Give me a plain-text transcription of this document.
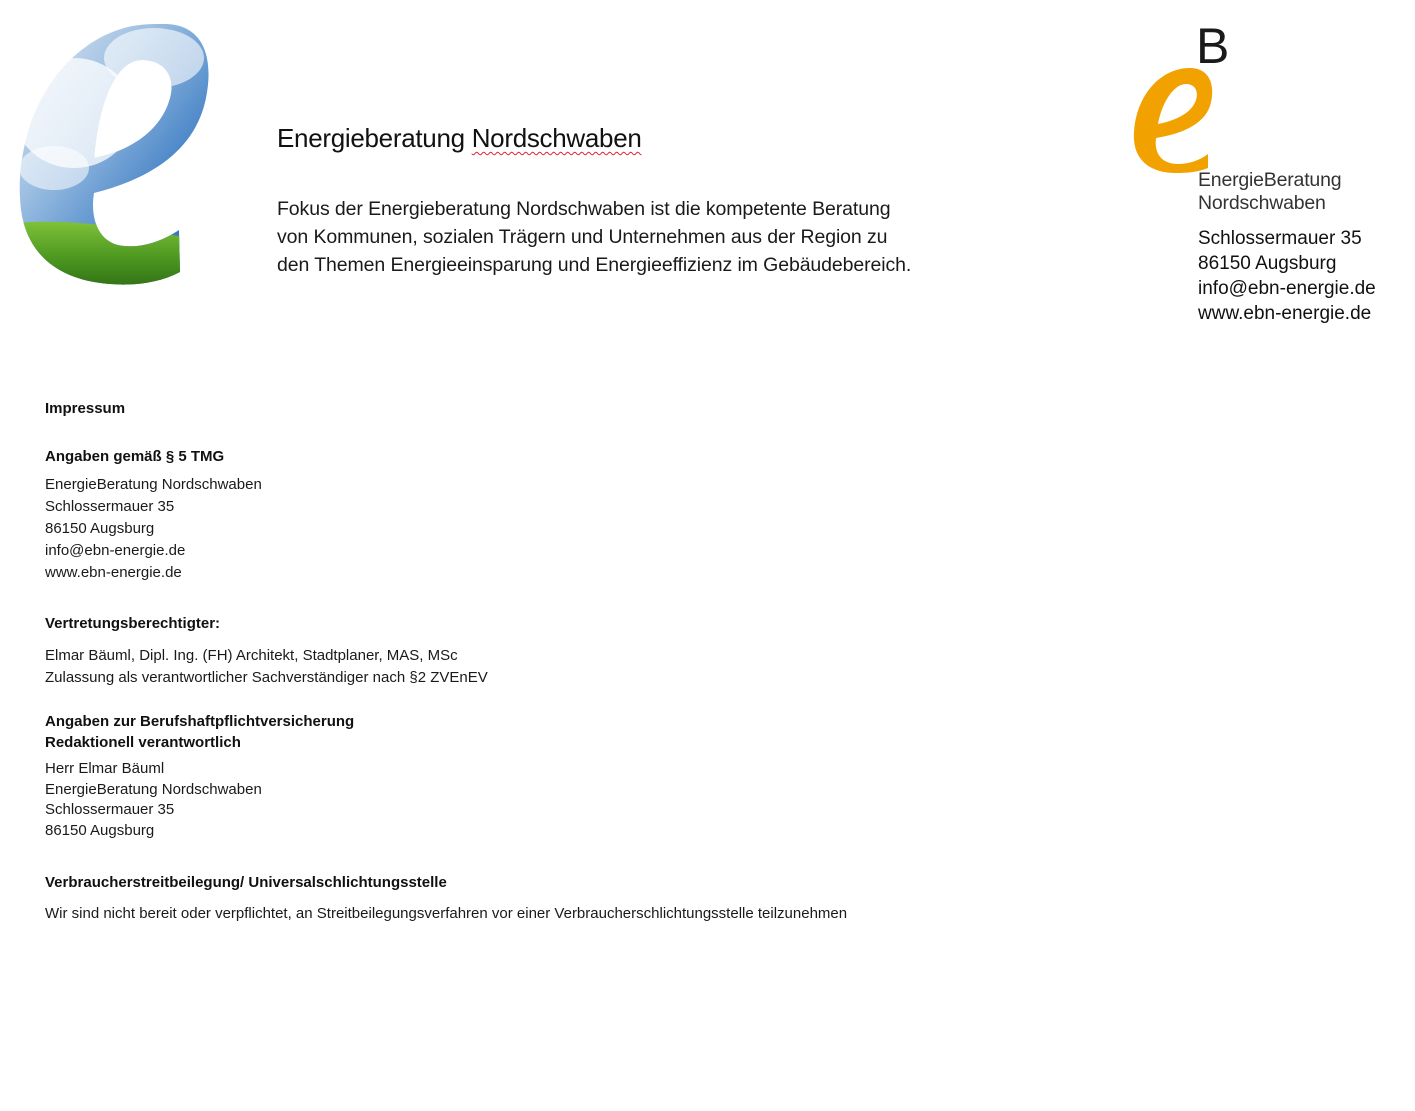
Energieberatung Nordschwaben
Fokus der Energieberatung Nordschwaben ist die kompetente Beratung
von Kommunen, sozialen Trägern und Unternehmen aus der Region zu
den Themen Energieeinsparung und Energieeffizienz im Gebäudebereich.
B
EnergieBeratung
Nordschwaben
Schlossermauer 35
86150 Augsburg
info@ebn-energie.de
www.ebn-energie.de
Impressum
Angaben gemäß § 5 TMG
EnergieBeratung Nordschwaben
Schlossermauer 35
86150 Augsburg
info@ebn-energie.de
www.ebn-energie.de
Vertretungsberechtigter:
Elmar Bäuml, Dipl. Ing. (FH) Architekt, Stadtplaner, MAS, MSc
Zulassung als verantwortlicher Sachverständiger nach §2 ZVEnEV
Angaben zur Berufshaftpflichtversicherung
Redaktionell verantwortlich
Herr Elmar Bäuml
EnergieBeratung Nordschwaben
Schlossermauer 35
86150 Augsburg
Verbraucherstreitbeilegung/ Universalschlichtungsstelle
Wir sind nicht bereit oder verpflichtet, an Streitbeilegungsverfahren vor einer Verbraucherschlichtungsstelle teilzunehmen
